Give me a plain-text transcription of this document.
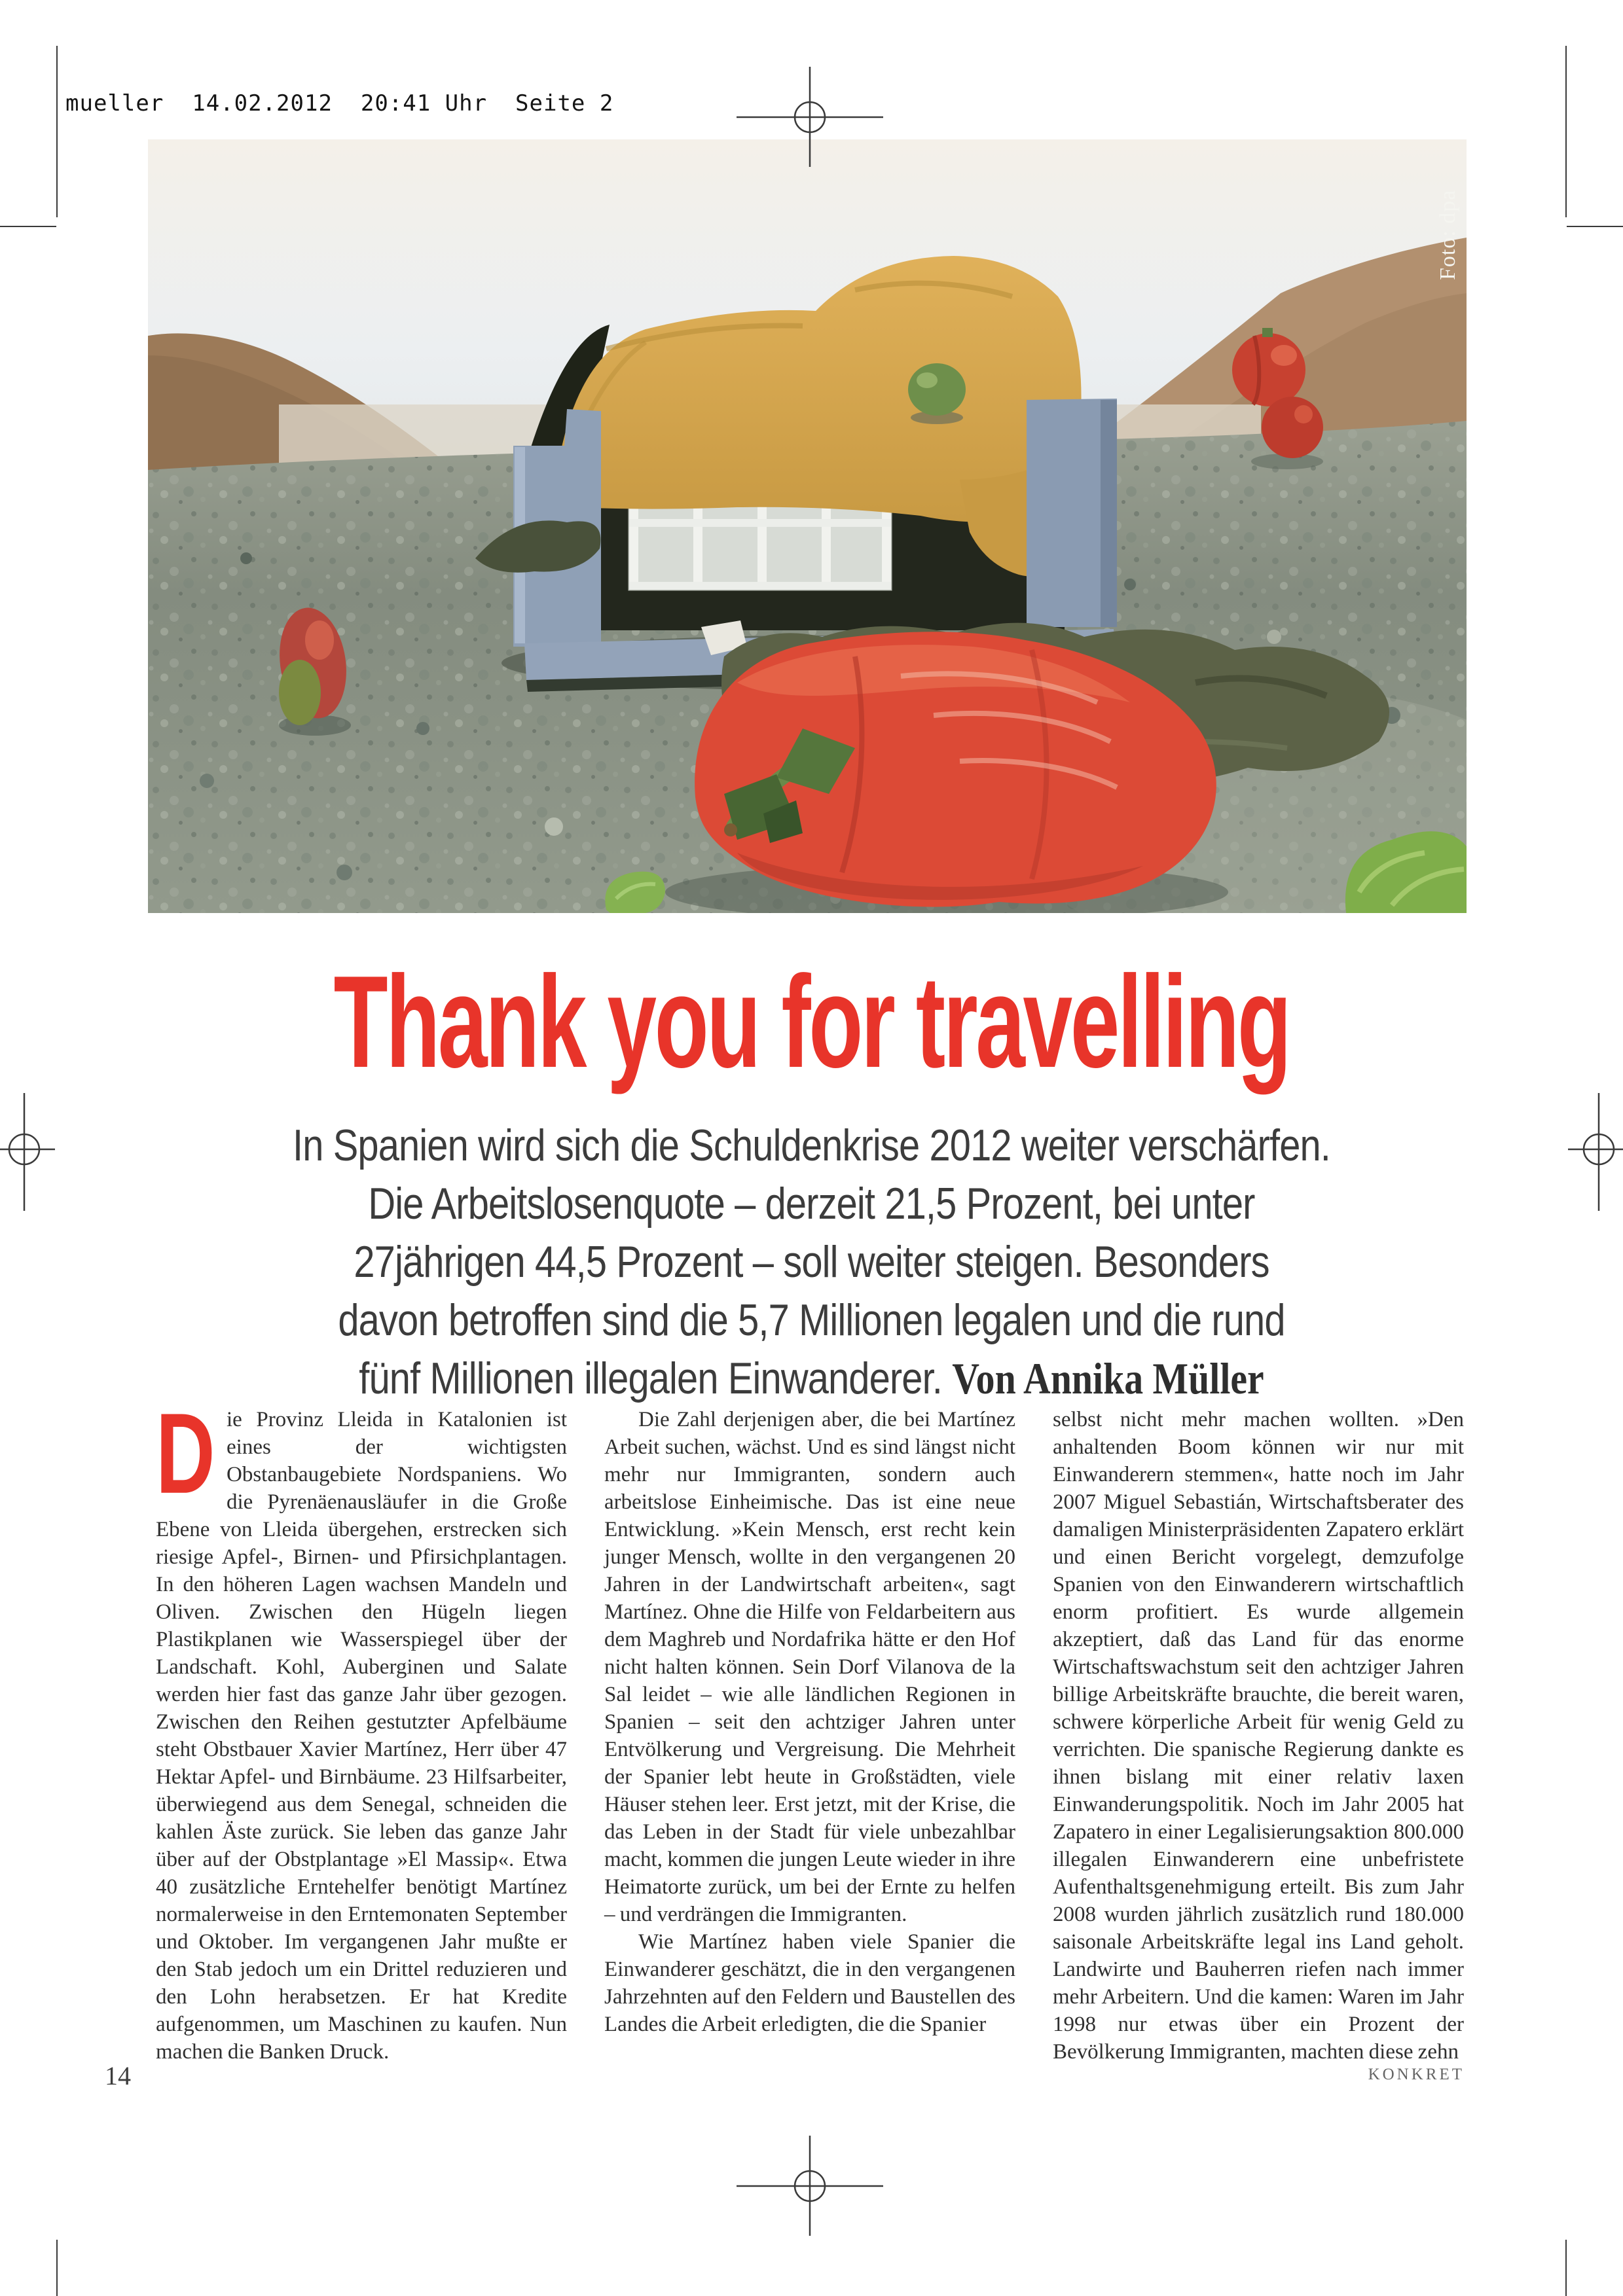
mueller  14.02.2012  20:41 Uhr  Seite 2
Foto: dpa
Thank you for travelling
In Spanien wird sich die Schuldenkrise 2012 weiter verschärfen.
Die Arbeitslosenquote – derzeit 21,5 Prozent, bei unter
27jährigen 44,5 Prozent – soll weiter steigen. Besonders
davon betroffen sind die 5,7 Millionen legalen und die rund
fünf Millionen illegalen Einwanderer. Von Annika Müller

D ie Provinz Lleida in Katalonien ist eines der wichtigsten Obstanbaugebiete Nordspaniens. Wo die Pyrenäenausläufer in die Große Ebene von Lleida übergehen, erstrecken sich riesige Apfel-, Birnen- und Pfirsichplantagen. In den höheren Lagen wachsen Mandeln und Oliven. Zwischen den Hügeln liegen Plastikplanen wie Wasserspiegel über der Landschaft. Kohl, Auberginen und Salate werden hier fast das ganze Jahr über gezogen. Zwischen den Reihen gestutzter Apfelbäume steht Obstbauer Xavier Martínez, Herr über 47 Hektar Apfel- und Birnbäume. 23 Hilfsarbeiter, überwiegend aus dem Senegal, schneiden die kahlen Äste zurück. Sie leben das ganze Jahr über auf der Obstplantage »El Massip«. Etwa 40 zusätzliche Erntehelfer benötigt Martínez normalerweise in den Erntemonaten September und Oktober. Im vergangenen Jahr mußte er den Stab jedoch um ein Drittel reduzieren und den Lohn herabsetzen. Er hat Kredite aufgenommen, um Maschinen zu kaufen. Nun machen die Banken Druck.

Die Zahl derjenigen aber, die bei Martínez Arbeit suchen, wächst. Und es sind längst nicht mehr nur Immigranten, sondern auch arbeitslose Einheimische. Das ist eine neue Entwicklung. »Kein Mensch, erst recht kein junger Mensch, wollte in den vergangenen 20 Jahren in der Landwirtschaft arbeiten«, sagt Martínez. Ohne die Hilfe von Feldarbeitern aus dem Maghreb und Nordafrika hätte er den Hof nicht halten können. Sein Dorf Vilanova de la Sal leidet – wie alle ländlichen Regionen in Spanien – seit den achtziger Jahren unter Entvölkerung und Vergreisung. Die Mehrheit der Spanier lebt heute in Großstädten, viele Häuser stehen leer. Erst jetzt, mit der Krise, die das Leben in der Stadt für viele unbezahlbar macht, kommen die jungen Leute wieder in ihre Heimatorte zurück, um bei der Ernte zu helfen – und verdrängen die Immigranten.

Wie Martínez haben viele Spanier die Einwanderer geschätzt, die in den vergangenen Jahrzehnten auf den Feldern und Baustellen des Landes die Arbeit erledigten, die die Spanier

selbst nicht mehr machen wollten. »Den anhaltenden Boom können wir nur mit Einwanderern stemmen«, hatte noch im Jahr 2007 Miguel Sebastián, Wirtschaftsberater des damaligen Ministerpräsidenten Zapatero erklärt und einen Bericht vorgelegt, demzufolge Spanien von den Einwanderern wirtschaftlich enorm profitiert. Es wurde allgemein akzeptiert, daß das Land für das enorme Wirtschaftswachstum seit den achtziger Jahren billige Arbeitskräfte brauchte, die bereit waren, schwere körperliche Arbeit für wenig Geld zu verrichten. Die spanische Regierung dankte es ihnen bislang mit einer relativ laxen Einwanderungspolitik. Noch im Jahr 2005 hat Zapatero in einer Legalisierungsaktion 800.000 illegalen Einwanderern eine unbefristete Aufenthaltsgenehmigung erteilt. Bis zum Jahr 2008 wurden jährlich zusätzlich rund 180.000 saisonale Arbeitskräfte legal ins Land geholt. Landwirte und Bauherren riefen nach immer mehr Arbeitern. Und die kamen: Waren im Jahr 1998 nur etwas über ein Prozent der Bevölkerung Immigranten, machten diese zehn

14	KONKRET
